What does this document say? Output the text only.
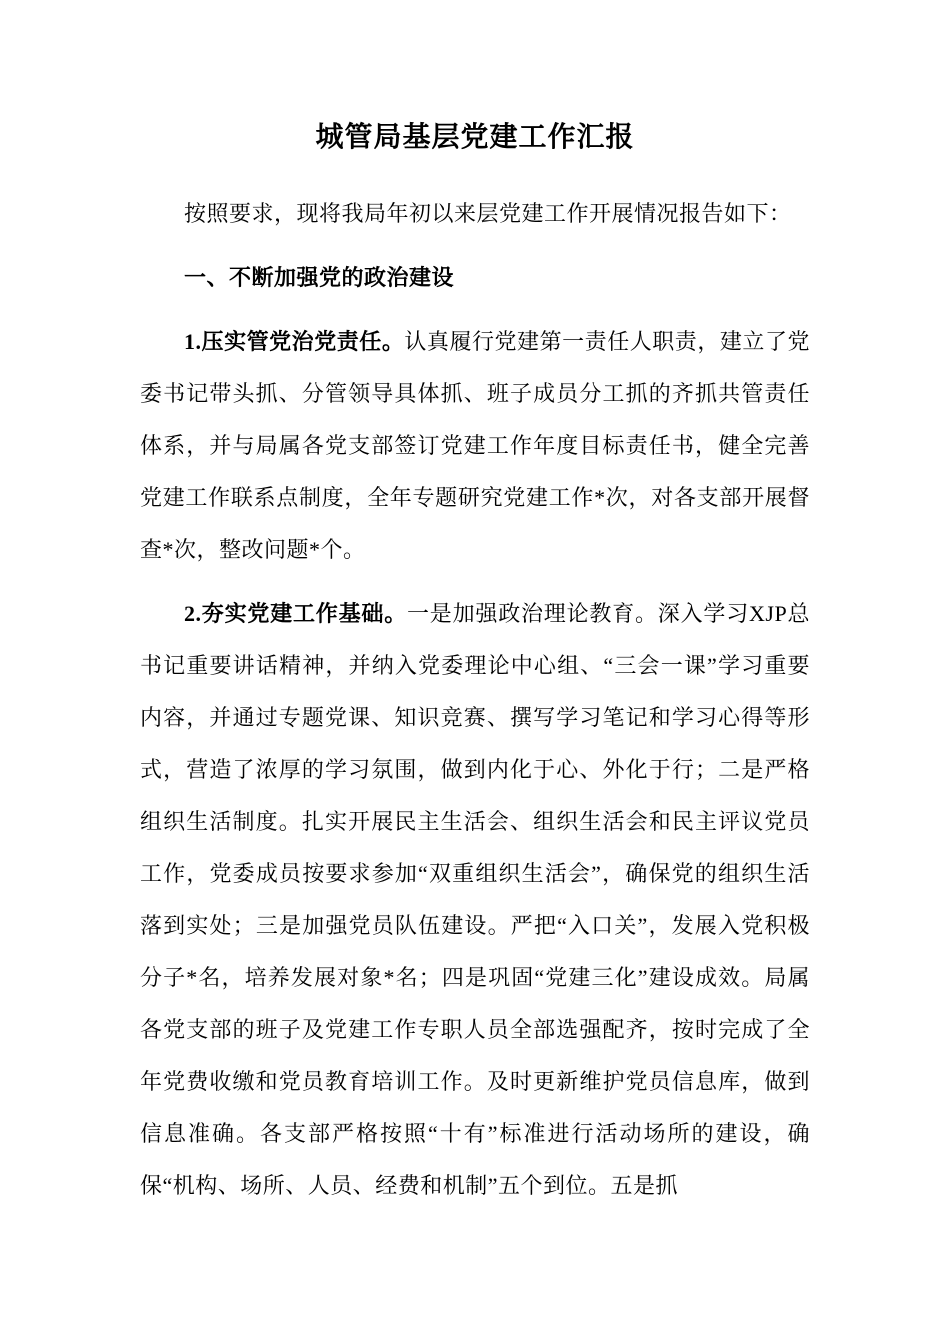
城管局基层党建工作汇报

按照要求，现将我局年初以来层党建工作开展情况报告如下：

一、不断加强党的政治建设

1.压实管党治党责任。认真履行党建第一责任人职责，建立了党委书记带头抓、分管领导具体抓、班子成员分工抓的齐抓共管责任体系，并与局属各党支部签订党建工作年度目标责任书，健全完善党建工作联系点制度，全年专题研究党建工作*次，对各支部开展督查*次，整改问题*个。

2.夯实党建工作基础。一是加强政治理论教育。深入学习XJP总书记重要讲话精神，并纳入党委理论中心组、“三会一课”学习重要内容，并通过专题党课、知识竞赛、撰写学习笔记和学习心得等形式，营造了浓厚的学习氛围，做到内化于心、外化于行；二是严格组织生活制度。扎实开展民主生活会、组织生活会和民主评议党员工作，党委成员按要求参加“双重组织生活会”，确保党的组织生活落到实处；三是加强党员队伍建设。严把“入口关”，发展入党积极分子*名，培养发展对象*名；四是巩固“党建三化”建设成效。局属各党支部的班子及党建工作专职人员全部选强配齐，按时完成了全年党费收缴和党员教育培训工作。及时更新维护党员信息库，做到信息准确。各支部严格按照“十有”标准进行活动场所的建设，确保“机构、场所、人员、经费和机制”五个到位。五是抓
